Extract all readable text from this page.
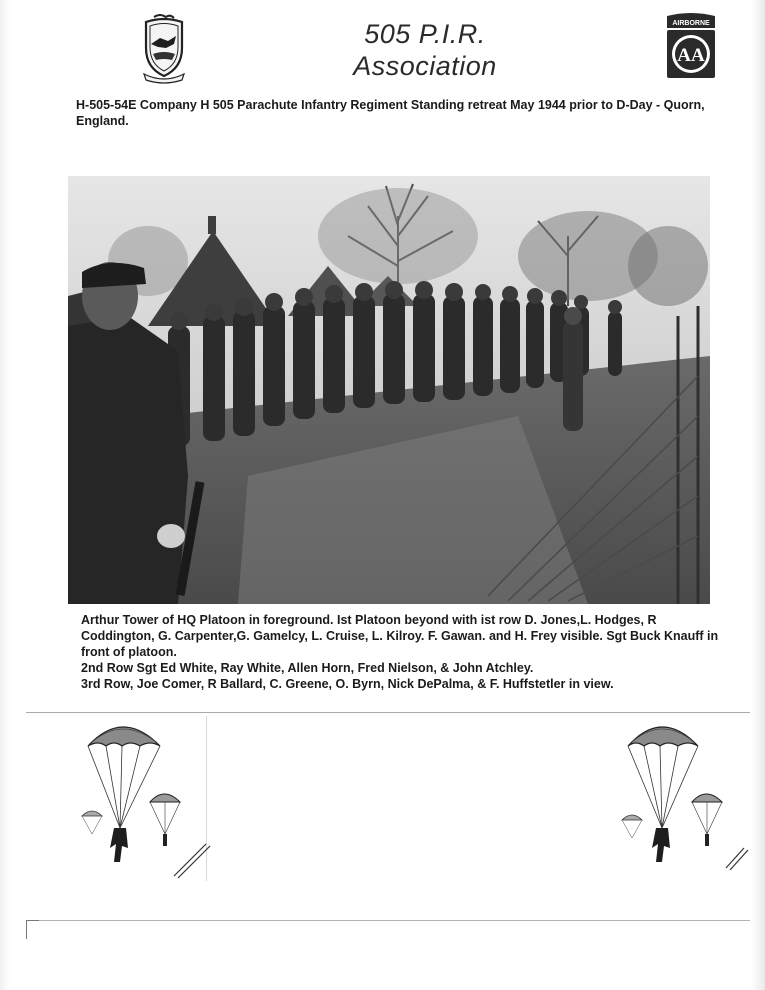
505 P.I.R.
Association
AIRBORNE
AA
H-505-54E Company H 505 Parachute Infantry Regiment Standing retreat May 1944 prior to D-Day - Quorn, England.

Arthur Tower of HQ Platoon in foreground. Ist Platoon beyond with ist row D. Jones,L. Hodges, R Coddington, G. Carpenter,G. Gamelcy, L. Cruise, L. Kilroy. F. Gawan. and H. Frey visible. Sgt Buck Knauff in front of platoon.

2nd Row Sgt Ed White, Ray White, Allen Horn, Fred Nielson, & John Atchley.

3rd Row, Joe Comer, R Ballard, C. Greene, O. Byrn, Nick DePalma, & F. Huffstetler in view.
